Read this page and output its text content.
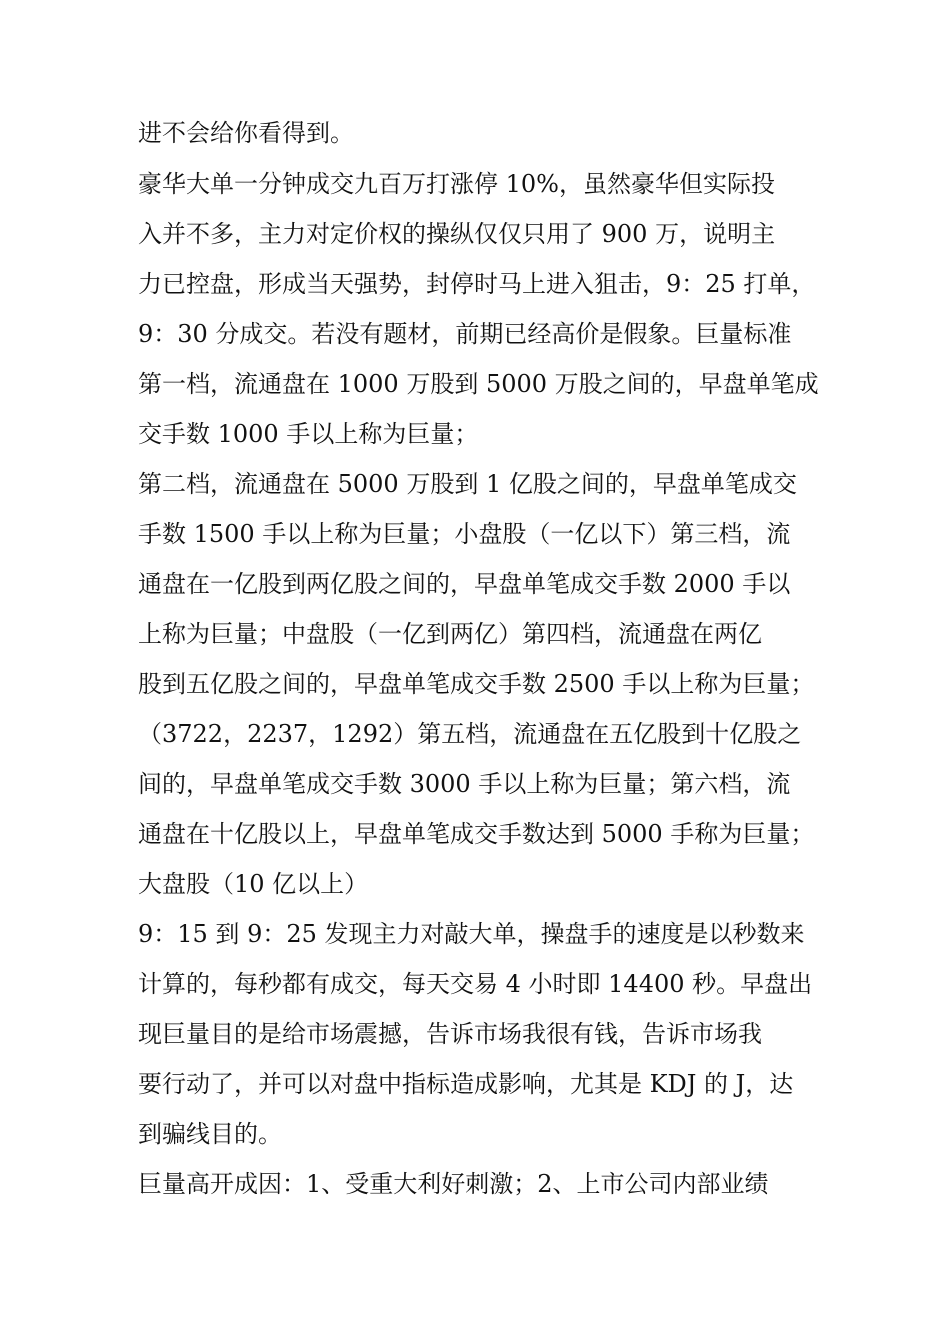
进不会给你看得到。

豪华大单一分钟成交九百万打涨停 10%，虽然豪华但实际投

入并不多，主力对定价权的操纵仅仅只用了 900 万，说明主

力已控盘，形成当天强势，封停时马上进入狙击，9：25 打单，

9：30 分成交。若没有题材，前期已经高价是假象。巨量标准

第一档，流通盘在 1000 万股到 5000 万股之间的，早盘单笔成

交手数 1000 手以上称为巨量；

第二档，流通盘在 5000 万股到 1 亿股之间的，早盘单笔成交

手数 1500 手以上称为巨量；小盘股（一亿以下）第三档，流

通盘在一亿股到两亿股之间的，早盘单笔成交手数 2000 手以

上称为巨量；中盘股（一亿到两亿）第四档，流通盘在两亿

股到五亿股之间的，早盘单笔成交手数 2500 手以上称为巨量；

（3722，2237，1292）第五档，流通盘在五亿股到十亿股之

间的，早盘单笔成交手数 3000 手以上称为巨量；第六档，流

通盘在十亿股以上，早盘单笔成交手数达到 5000 手称为巨量；

大盘股（10 亿以上）

9：15 到 9：25 发现主力对敲大单，操盘手的速度是以秒数来

计算的，每秒都有成交，每天交易 4 小时即 14400 秒。早盘出

现巨量目的是给市场震撼，告诉市场我很有钱，告诉市场我

要行动了，并可以对盘中指标造成影响，尤其是 KDJ 的 J，达

到骗线目的。

巨量高开成因：1、受重大利好刺激；2、上市公司内部业绩
